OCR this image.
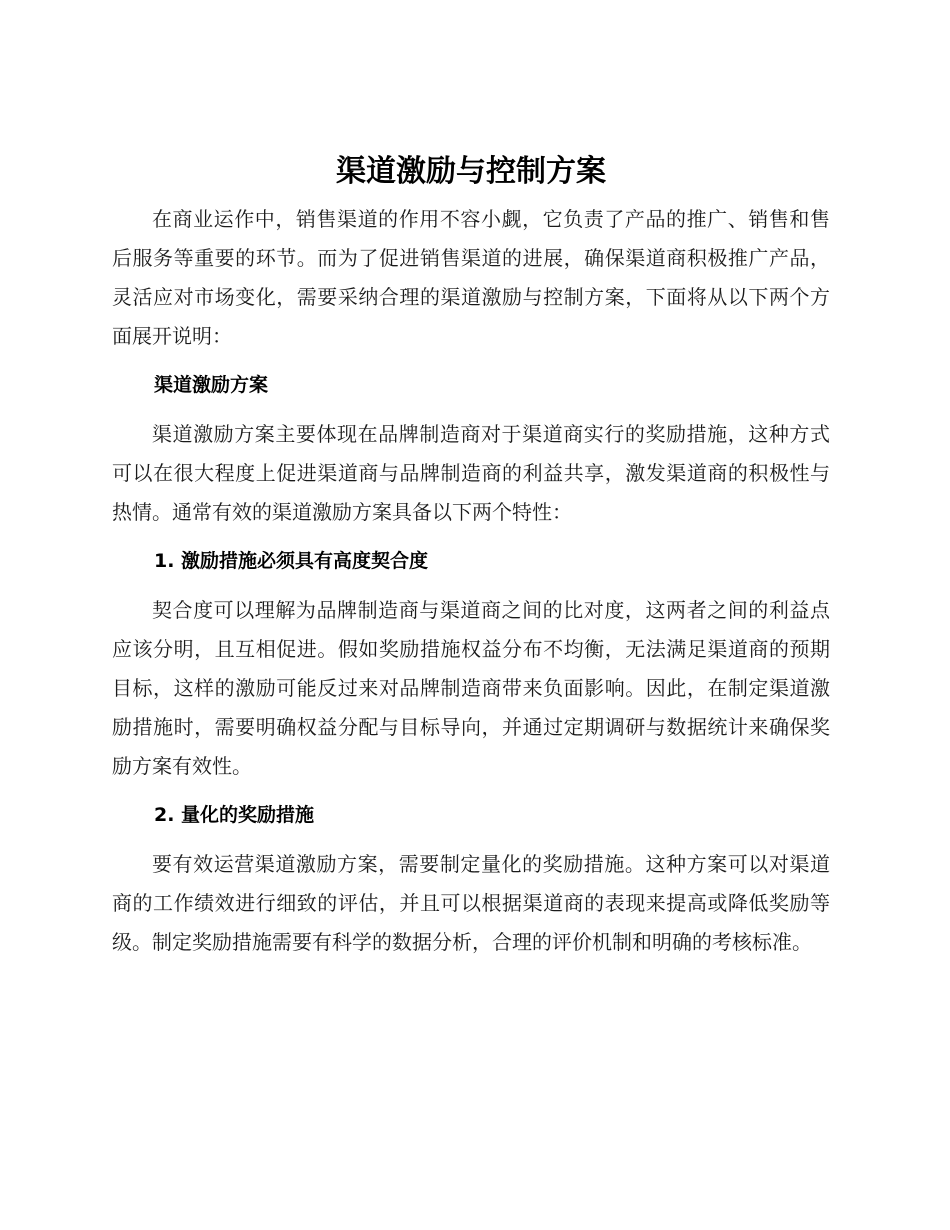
渠道激励与控制方案

在商业运作中，销售渠道的作用不容小觑，它负责了产品的推广、销售和售后服务等重要的环节。而为了促进销售渠道的进展，确保渠道商积极推广产品，灵活应对市场变化，需要采纳合理的渠道激励与控制方案，下面将从以下两个方面展开说明：

渠道激励方案

渠道激励方案主要体现在品牌制造商对于渠道商实行的奖励措施，这种方式可以在很大程度上促进渠道商与品牌制造商的利益共享，激发渠道商的积极性与热情。通常有效的渠道激励方案具备以下两个特性：

1. 激励措施必须具有高度契合度

契合度可以理解为品牌制造商与渠道商之间的比对度，这两者之间的利益点应该分明，且互相促进。假如奖励措施权益分布不均衡，无法满足渠道商的预期目标，这样的激励可能反过来对品牌制造商带来负面影响。因此，在制定渠道激励措施时，需要明确权益分配与目标导向，并通过定期调研与数据统计来确保奖励方案有效性。

2. 量化的奖励措施

要有效运营渠道激励方案，需要制定量化的奖励措施。这种方案可以对渠道商的工作绩效进行细致的评估，并且可以根据渠道商的表现来提高或降低奖励等级。制定奖励措施需要有科学的数据分析，合理的评价机制和明确的考核标准。
